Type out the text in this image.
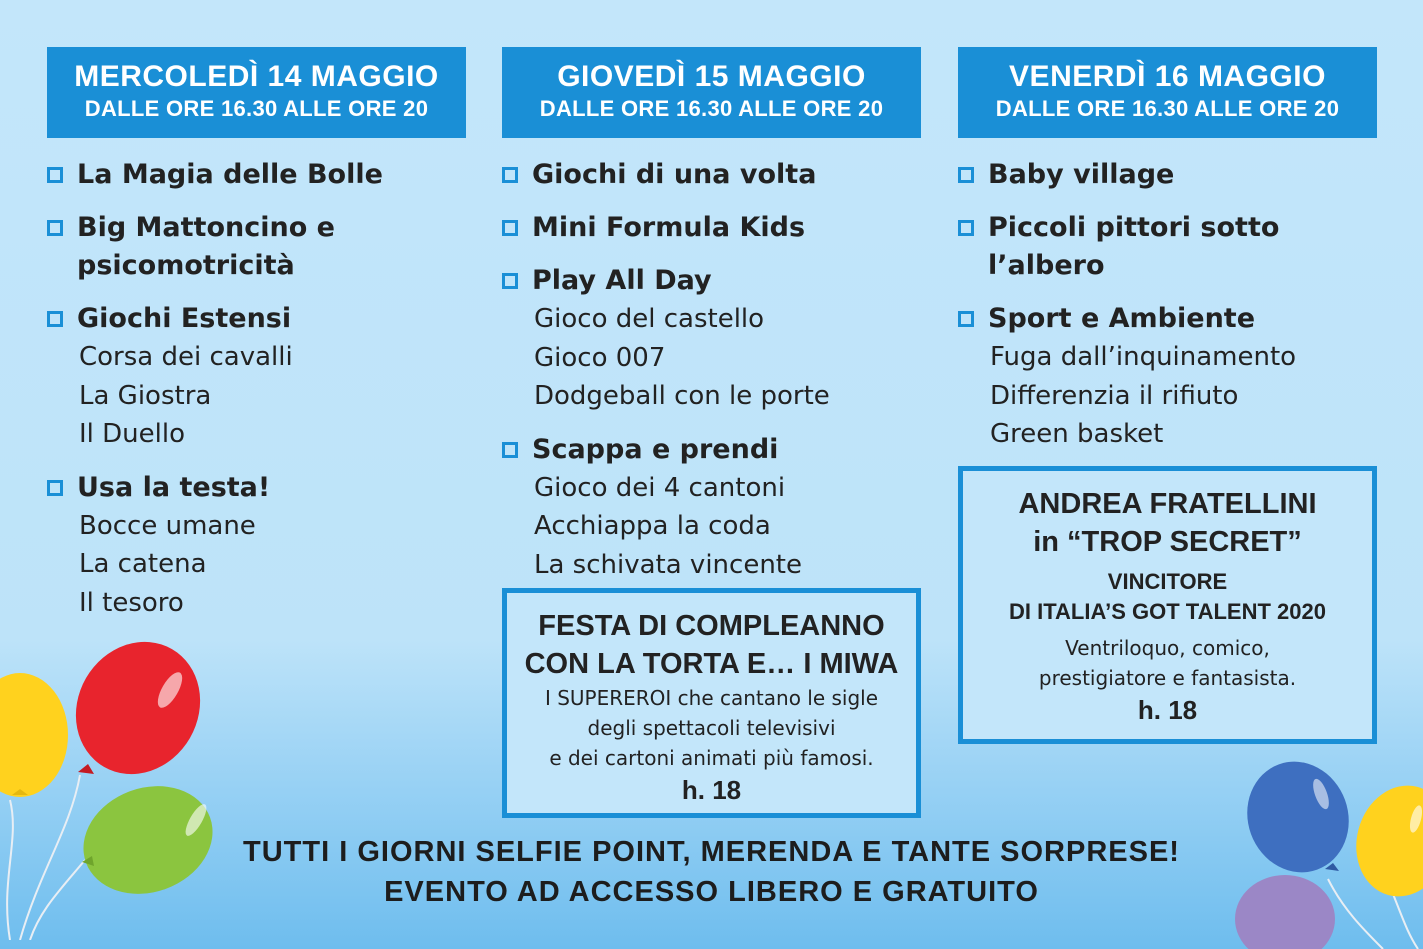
MERCOLEDÌ 14 MAGGIO
DALLE ORE 16.30 ALLE ORE 20
La Magia delle Bolle
Big Mattoncino e
psicomotricità
Giochi Estensi
Corsa dei cavalli
La Giostra
Il Duello
Usa la testa!
Bocce umane
La catena
Il tesoro
GIOVEDÌ 15 MAGGIO
DALLE ORE 16.30 ALLE ORE 20
Giochi di una volta
Mini Formula Kids
Play All Day
Gioco del castello
Gioco 007
Dodgeball con le porte
Scappa e prendi
Gioco dei 4 cantoni
Acchiappa la coda
La schivata vincente
VENERDÌ 16 MAGGIO
DALLE ORE 16.30 ALLE ORE 20
Baby village
Piccoli pittori sotto
l’albero
Sport e Ambiente
Fuga dall’inquinamento
Differenzia il rifiuto
Green basket
FESTA DI COMPLEANNO
CON LA TORTA E… I MIWA
I SUPEREROI che cantano le sigle
degli spettacoli televisivi
e dei cartoni animati più famosi.
h. 18
ANDREA FRATELLINI
in “TROP SECRET”
VINCITORE
DI ITALIA’S GOT TALENT 2020
Ventriloquo, comico,
prestigiatore e fantasista.
h. 18
TUTTI I GIORNI SELFIE POINT, MERENDA E TANTE SORPRESE!
EVENTO AD ACCESSO LIBERO E GRATUITO
